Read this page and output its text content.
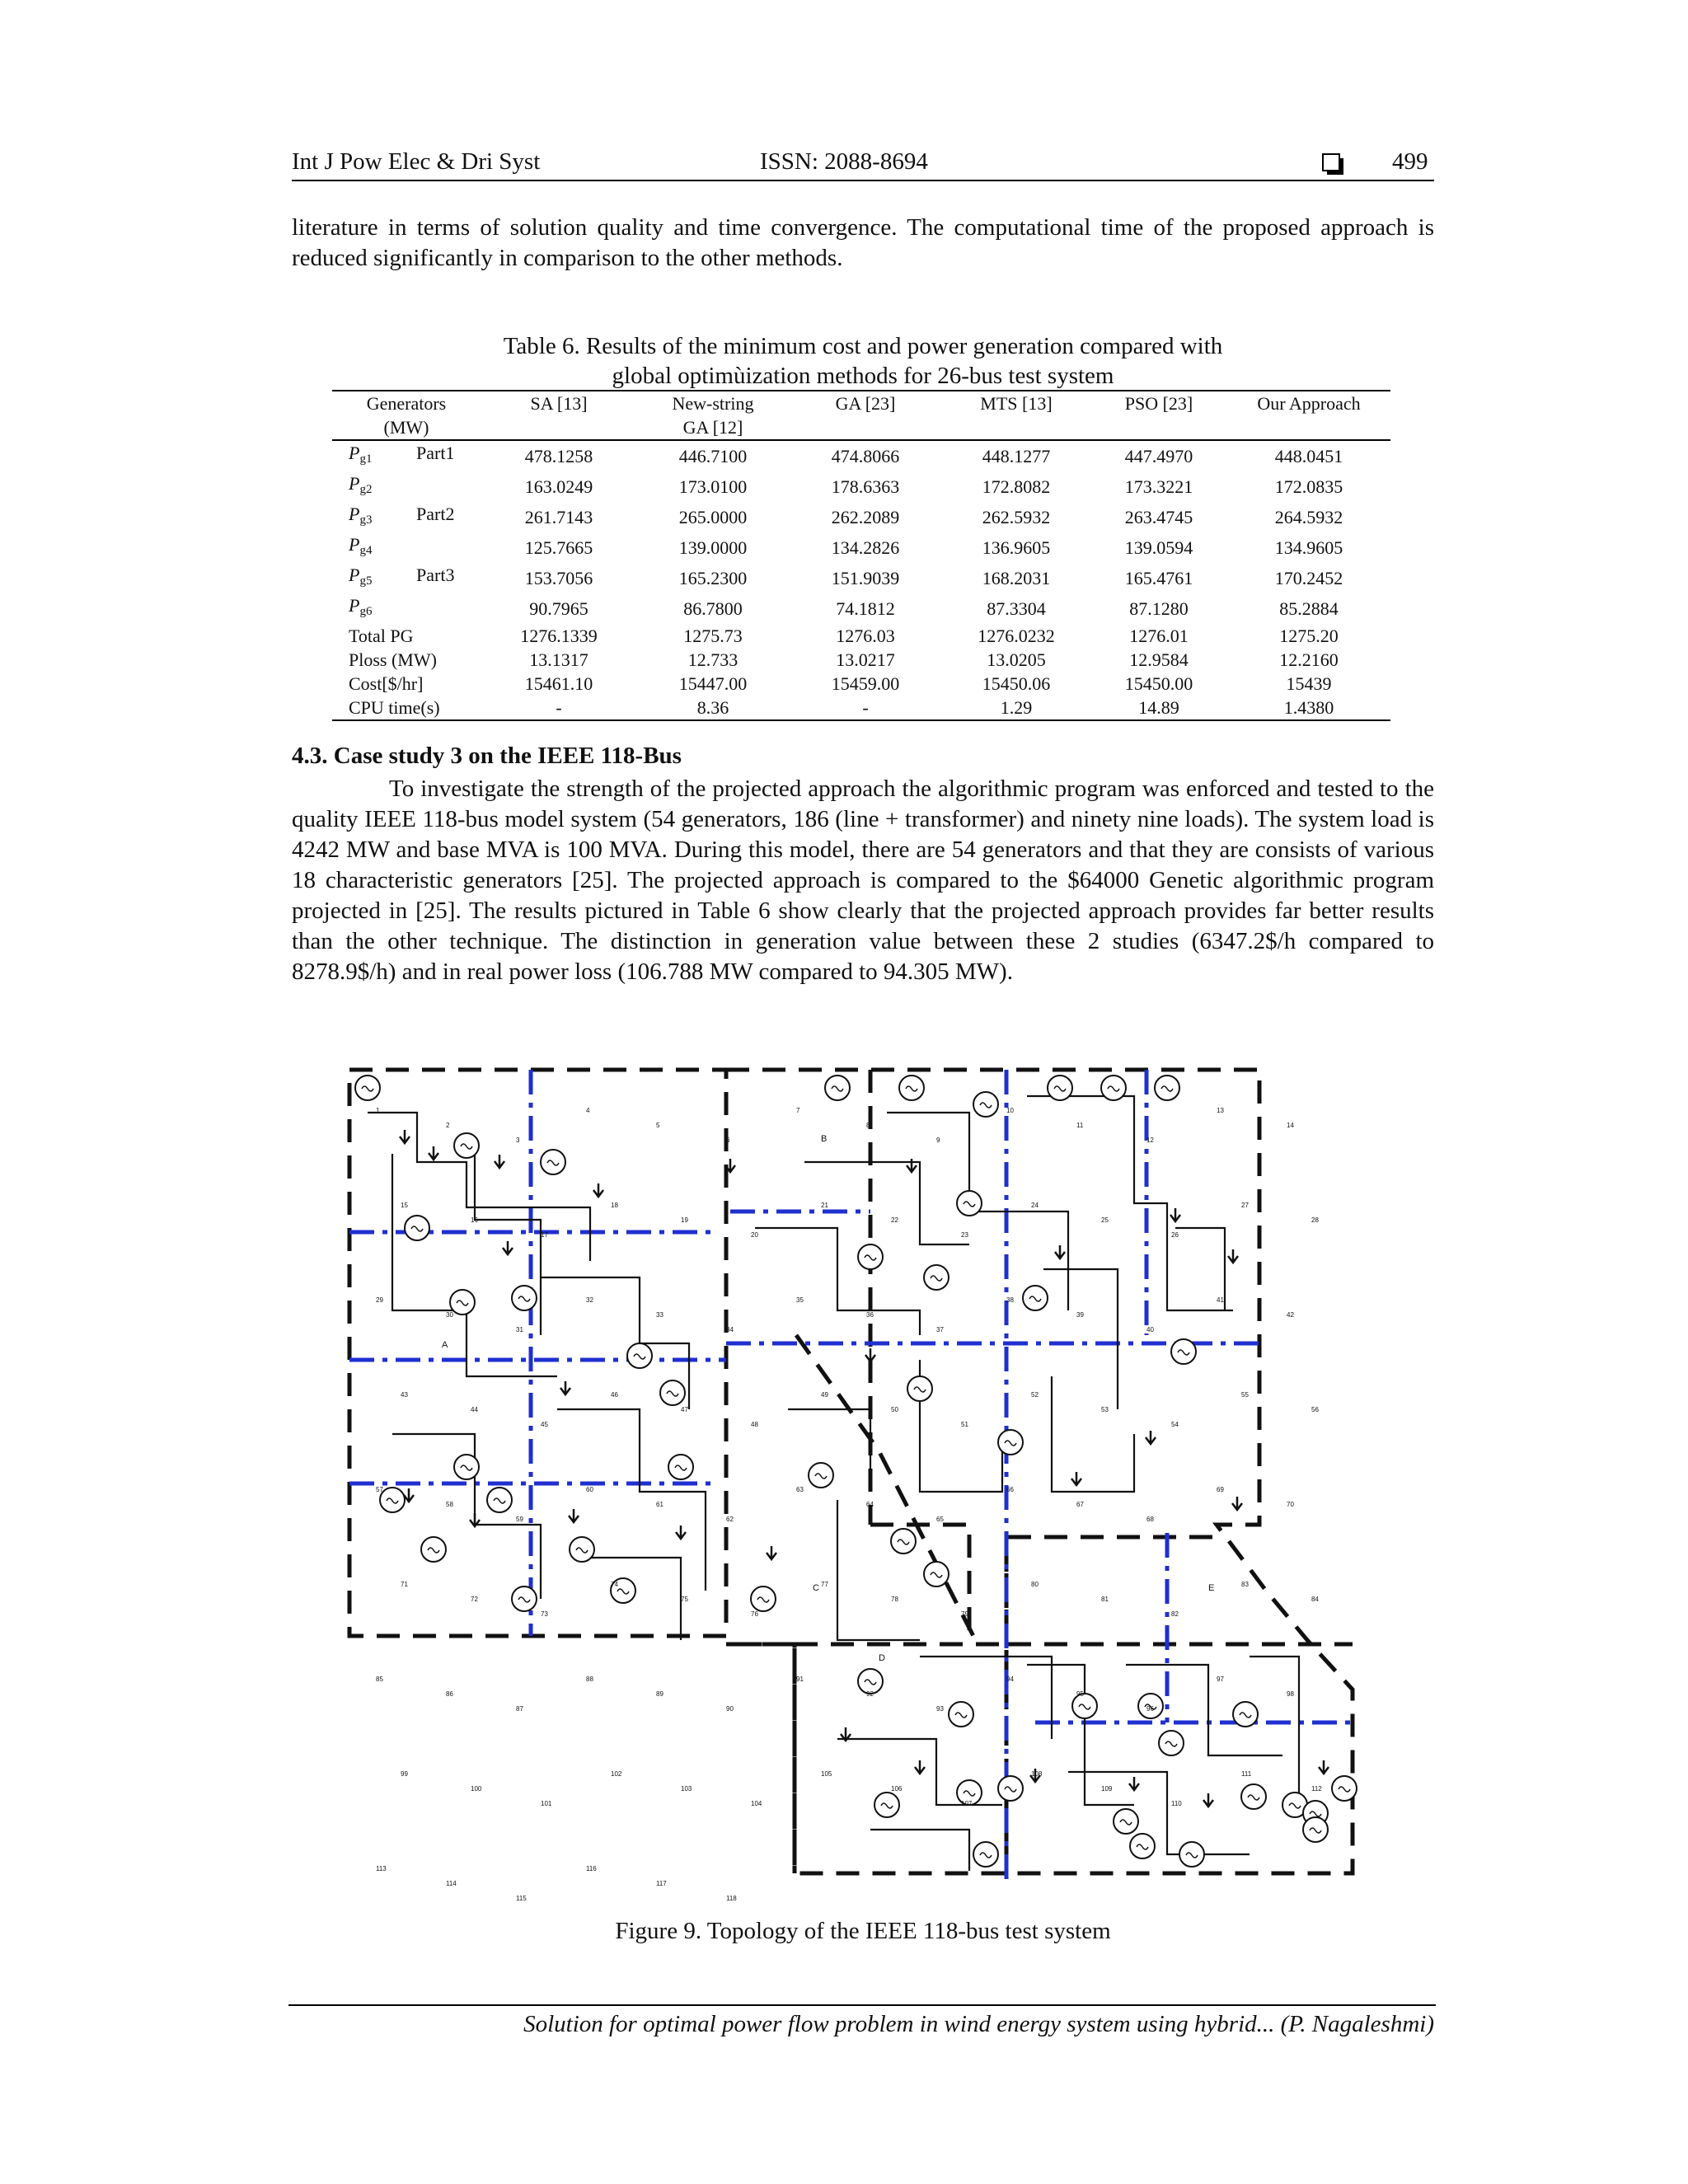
Int J Pow Elec & Dri Syst	ISSN: 2088-8694	499
literature in terms of solution quality and time convergence. The computational time of the proposed approach is reduced significantly in comparison to the other methods.
Table 6. Results of the minimum cost and power generation compared with
global optimùization methods for 26-bus test system
Generators	SA [13]	New-string	GA [23]	MTS [13]	PSO [23]	Our Approach
(MW)		GA [12]				
$P_{g1}$ Part1	478.1258	446.7100	474.8066	448.1277	447.4970	448.0451
$P_{g2}$	163.0249	173.0100	178.6363	172.8082	173.3221	172.0835
$P_{g3}$ Part2	261.7143	265.0000	262.2089	262.5932	263.4745	264.5932
$P_{g4}$	125.7665	139.0000	134.2826	136.9605	139.0594	134.9605
$P_{g5}$ Part3	153.7056	165.2300	151.9039	168.2031	165.4761	170.2452
$P_{g6}$	90.7965	86.7800	74.1812	87.3304	87.1280	85.2884
Total PG	1276.1339	1275.73	1276.03	1276.0232	1276.01	1275.20
Ploss (MW)	13.1317	12.733	13.0217	13.0205	12.9584	12.2160
Cost[$/hr]	15461.10	15447.00	15459.00	15450.06	15450.00	15439
CPU time(s)	-	8.36	-	1.29	14.89	1.4380
4.3. Case study 3 on the IEEE 118-Bus
To investigate the strength of the projected approach the algorithmic program was enforced and tested to the quality IEEE 118-bus model system (54 generators, 186 (line + transformer) and ninety nine loads). The system load is 4242 MW and base MVA is 100 MVA. During this model, there are 54 generators and that they are consists of various 18 characteristic generators [25]. The projected approach is compared to the $64000 Genetic algorithmic program projected in [25]. The results pictured in Table 6 show clearly that the projected approach provides far better results than the other technique. The distinction in generation value between these 2 studies (6347.2$/h compared to 8278.9$/h) and in real power loss (106.788 MW compared to 94.305 MW).
A
B
C
D
E
1
2
3
4
5
6
7
8
9
10
11
12
13
14
15
16
17
18
19
20
21
22
23
24
25
26
27
28
29
30
31
32
33
34
35
36
37
38
39
40
41
42
43
44
45
46
47
48
49
50
51
52
53
54
55
56
57
58
59
60
61
62
63
64
65
66
67
68
69
70
71
72
73
74
75
76
77
78
79
80
81
82
83
84
85
86
87
88
89
90
91
92
93
94
95
96
97
98
99
100
101
102
103
104
105
106
107
108
109
110
111
112
113
114
115
116
117
118
Figure 9. Topology of the IEEE 118-bus test system
Solution for optimal power flow problem in wind energy system using hybrid... (P. Nagaleshmi)
